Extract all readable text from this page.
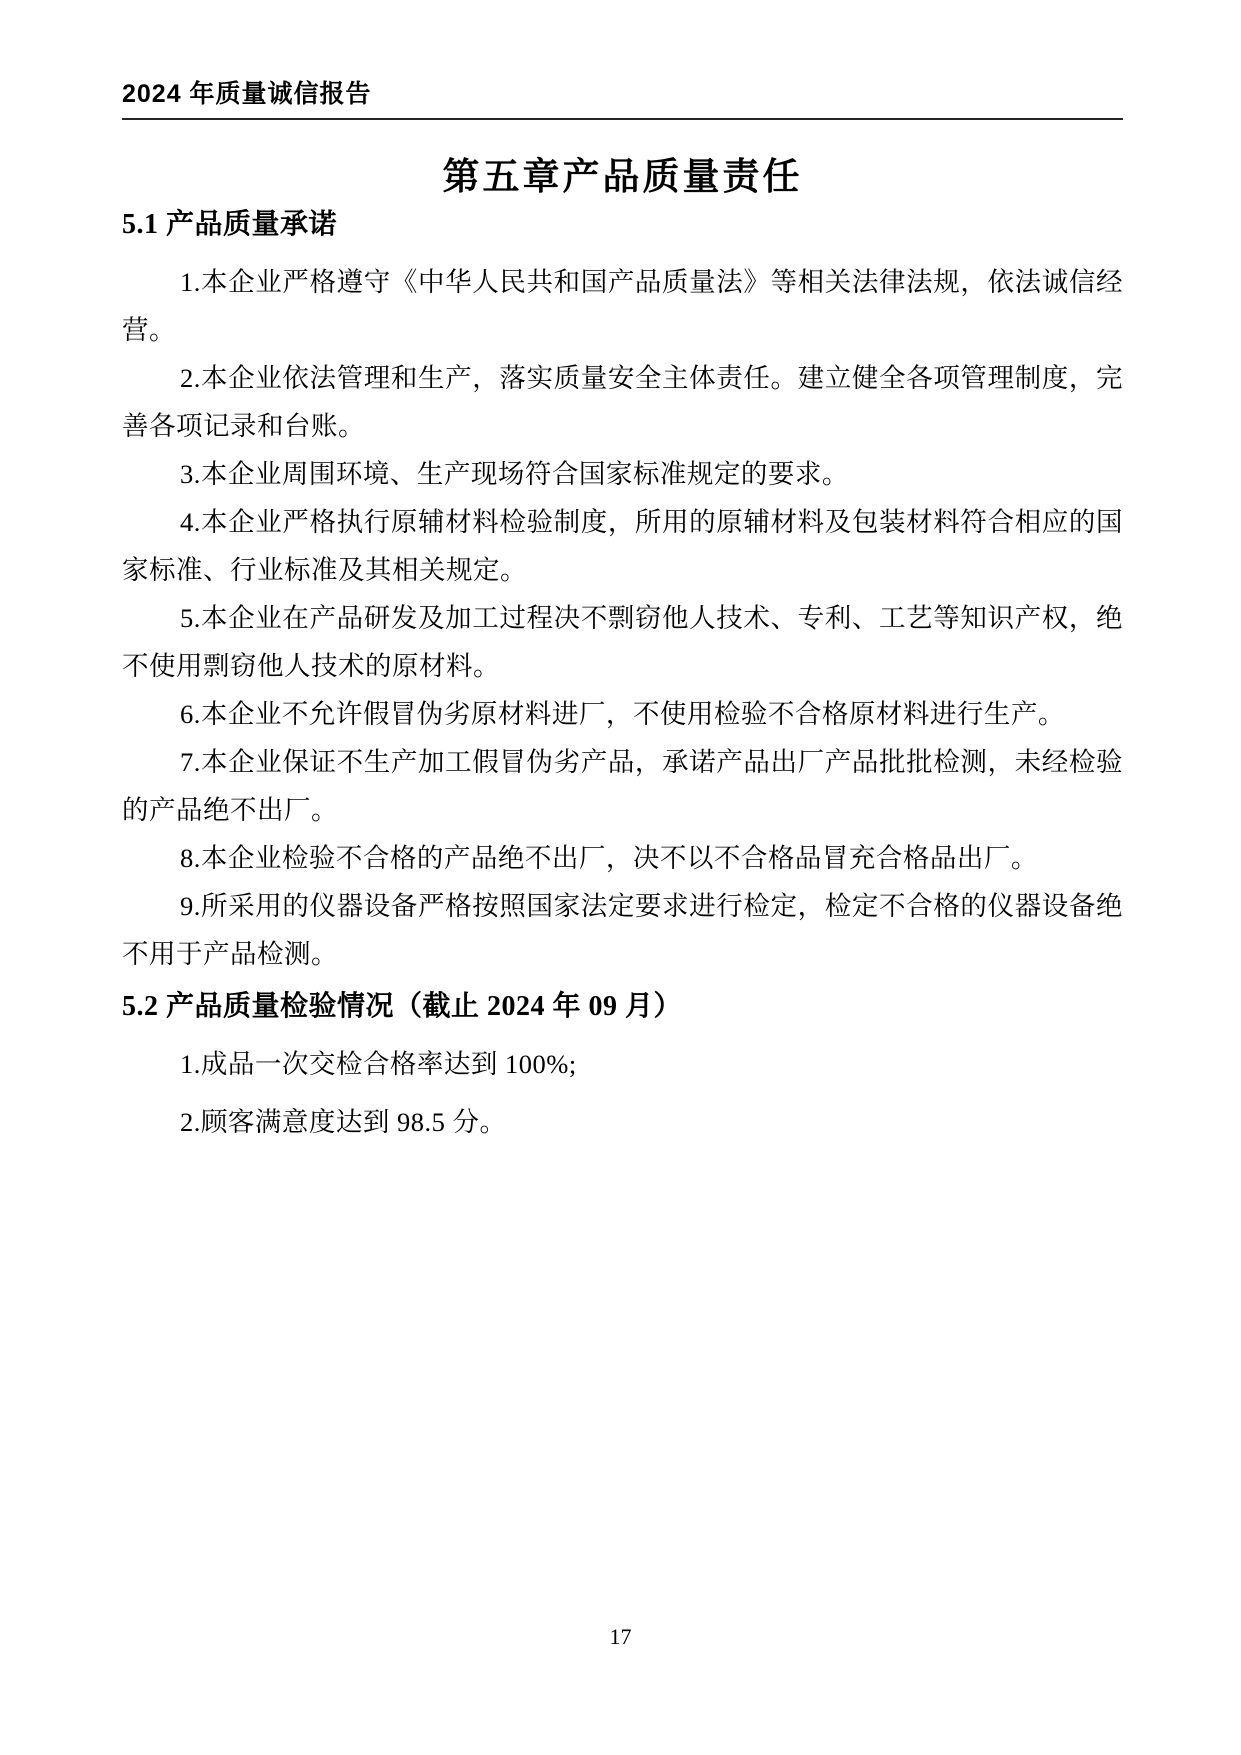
2024 年质量诚信报告
第五章产品质量责任
5.1 产品质量承诺

1.本企业严格遵守《中华人民共和国产品质量法》等相关法律法规，依法诚信经营。

2.本企业依法管理和生产，落实质量安全主体责任。建立健全各项管理制度，完善各项记录和台账。

3.本企业周围环境、生产现场符合国家标准规定的要求。

4.本企业严格执行原辅材料检验制度，所用的原辅材料及包装材料符合相应的国家标准、行业标准及其相关规定。

5.本企业在产品研发及加工过程决不剽窃他人技术、专利、工艺等知识产权，绝不使用剽窃他人技术的原材料。

6.本企业不允许假冒伪劣原材料进厂，不使用检验不合格原材料进行生产。

7.本企业保证不生产加工假冒伪劣产品，承诺产品出厂产品批批检测，未经检验的产品绝不出厂。

8.本企业检验不合格的产品绝不出厂，决不以不合格品冒充合格品出厂。

9.所采用的仪器设备严格按照国家法定要求进行检定，检定不合格的仪器设备绝不用于产品检测。

5.2 产品质量检验情况（截止 2024 年 09 月）

1.成品一次交检合格率达到 100%;

2.顾客满意度达到 98.5 分。

17
